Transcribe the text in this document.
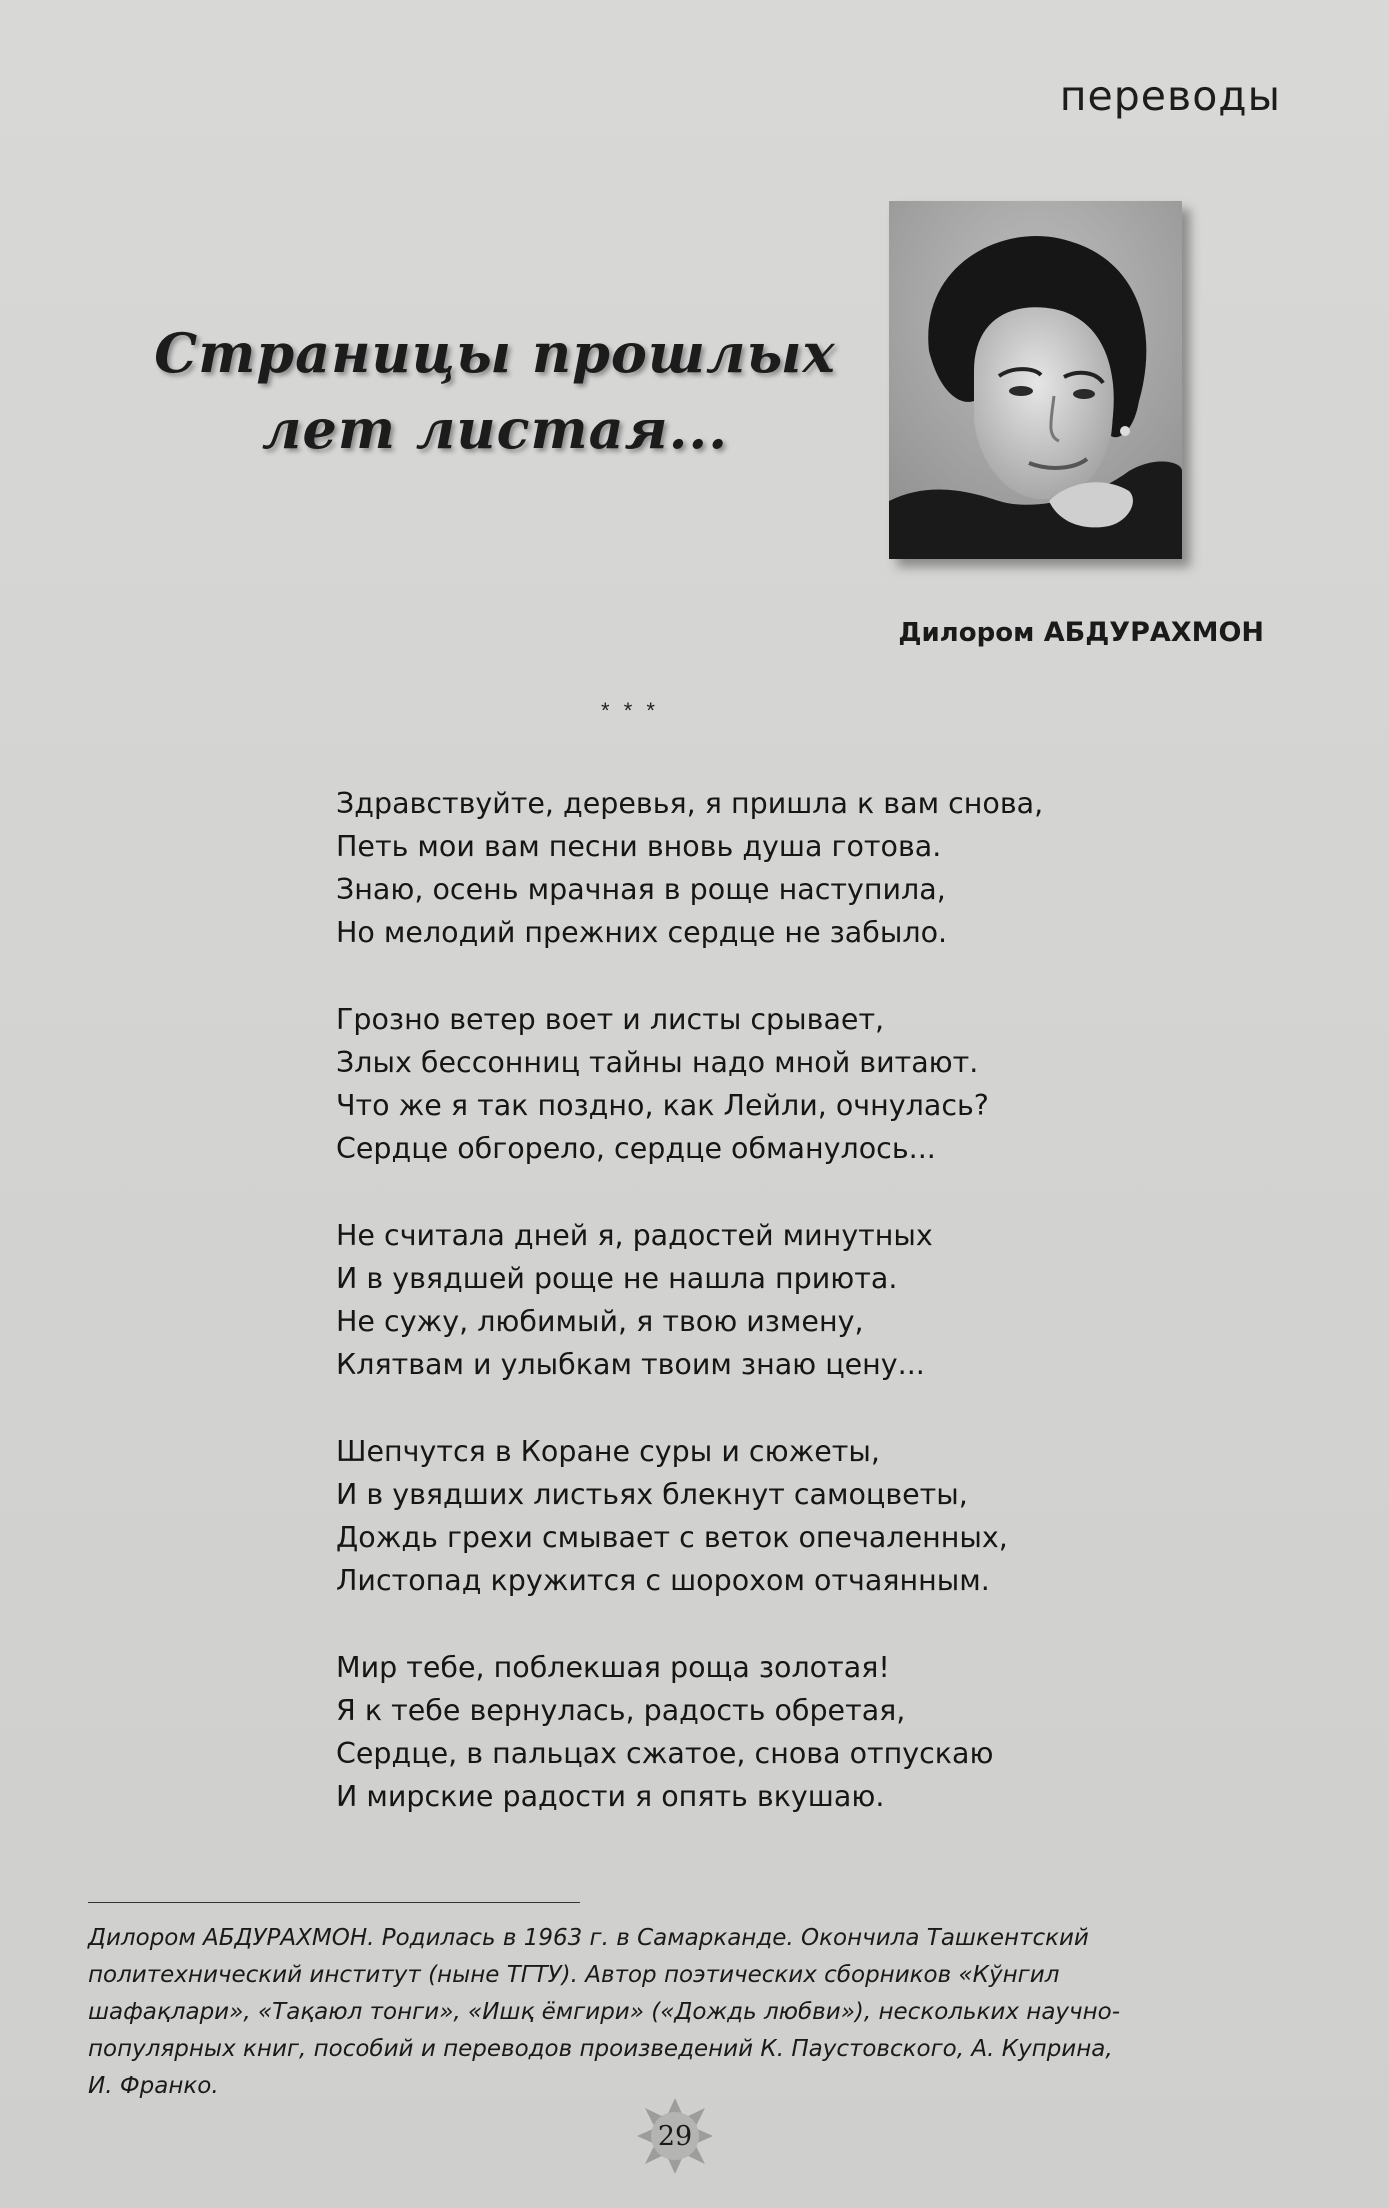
переводы
Страницы прошлых
лет листая...
Дилором АБДУРАХМОН
* * *
Здравствуйте, деревья, я пришла к вам снова,
Петь мои вам песни вновь душа готова.
Знаю, осень мрачная в роще наступила,
Но мелодий прежних сердце не забыло.
Грозно ветер воет и листы срывает,
Злых бессонниц тайны надо мной витают.
Что же я так поздно, как Лейли, очнулась?
Сердце обгорело, сердце обманулось...
Не считала дней я, радостей минутных
И в увядшей роще не нашла приюта.
Не сужу, любимый, я твою измену,
Клятвам и улыбкам твоим знаю цену...
Шепчутся в Коране суры и сюжеты,
И в увядших листьях блекнут самоцветы,
Дождь грехи смывает с веток опечаленных,
Листопад кружится с шорохом отчаянным.
Мир тебе, поблекшая роща золотая!
Я к тебе вернулась, радость обретая,
Сердце, в пальцах сжатое, снова отпускаю
И мирские радости я опять вкушаю.
Дилором АБДУРАХМОН. Родилась в 1963 г. в Самарканде. Окончила Ташкентский
политехнический институт (ныне ТГТУ). Автор поэтических сборников «Кўнгил
шафақлари», «Тақаюл тонги», «Ишқ ёмгири» («Дождь любви»), нескольких научно-
популярных книг, пособий и переводов произведений К. Паустовского, А. Куприна,
И. Франко.
29
